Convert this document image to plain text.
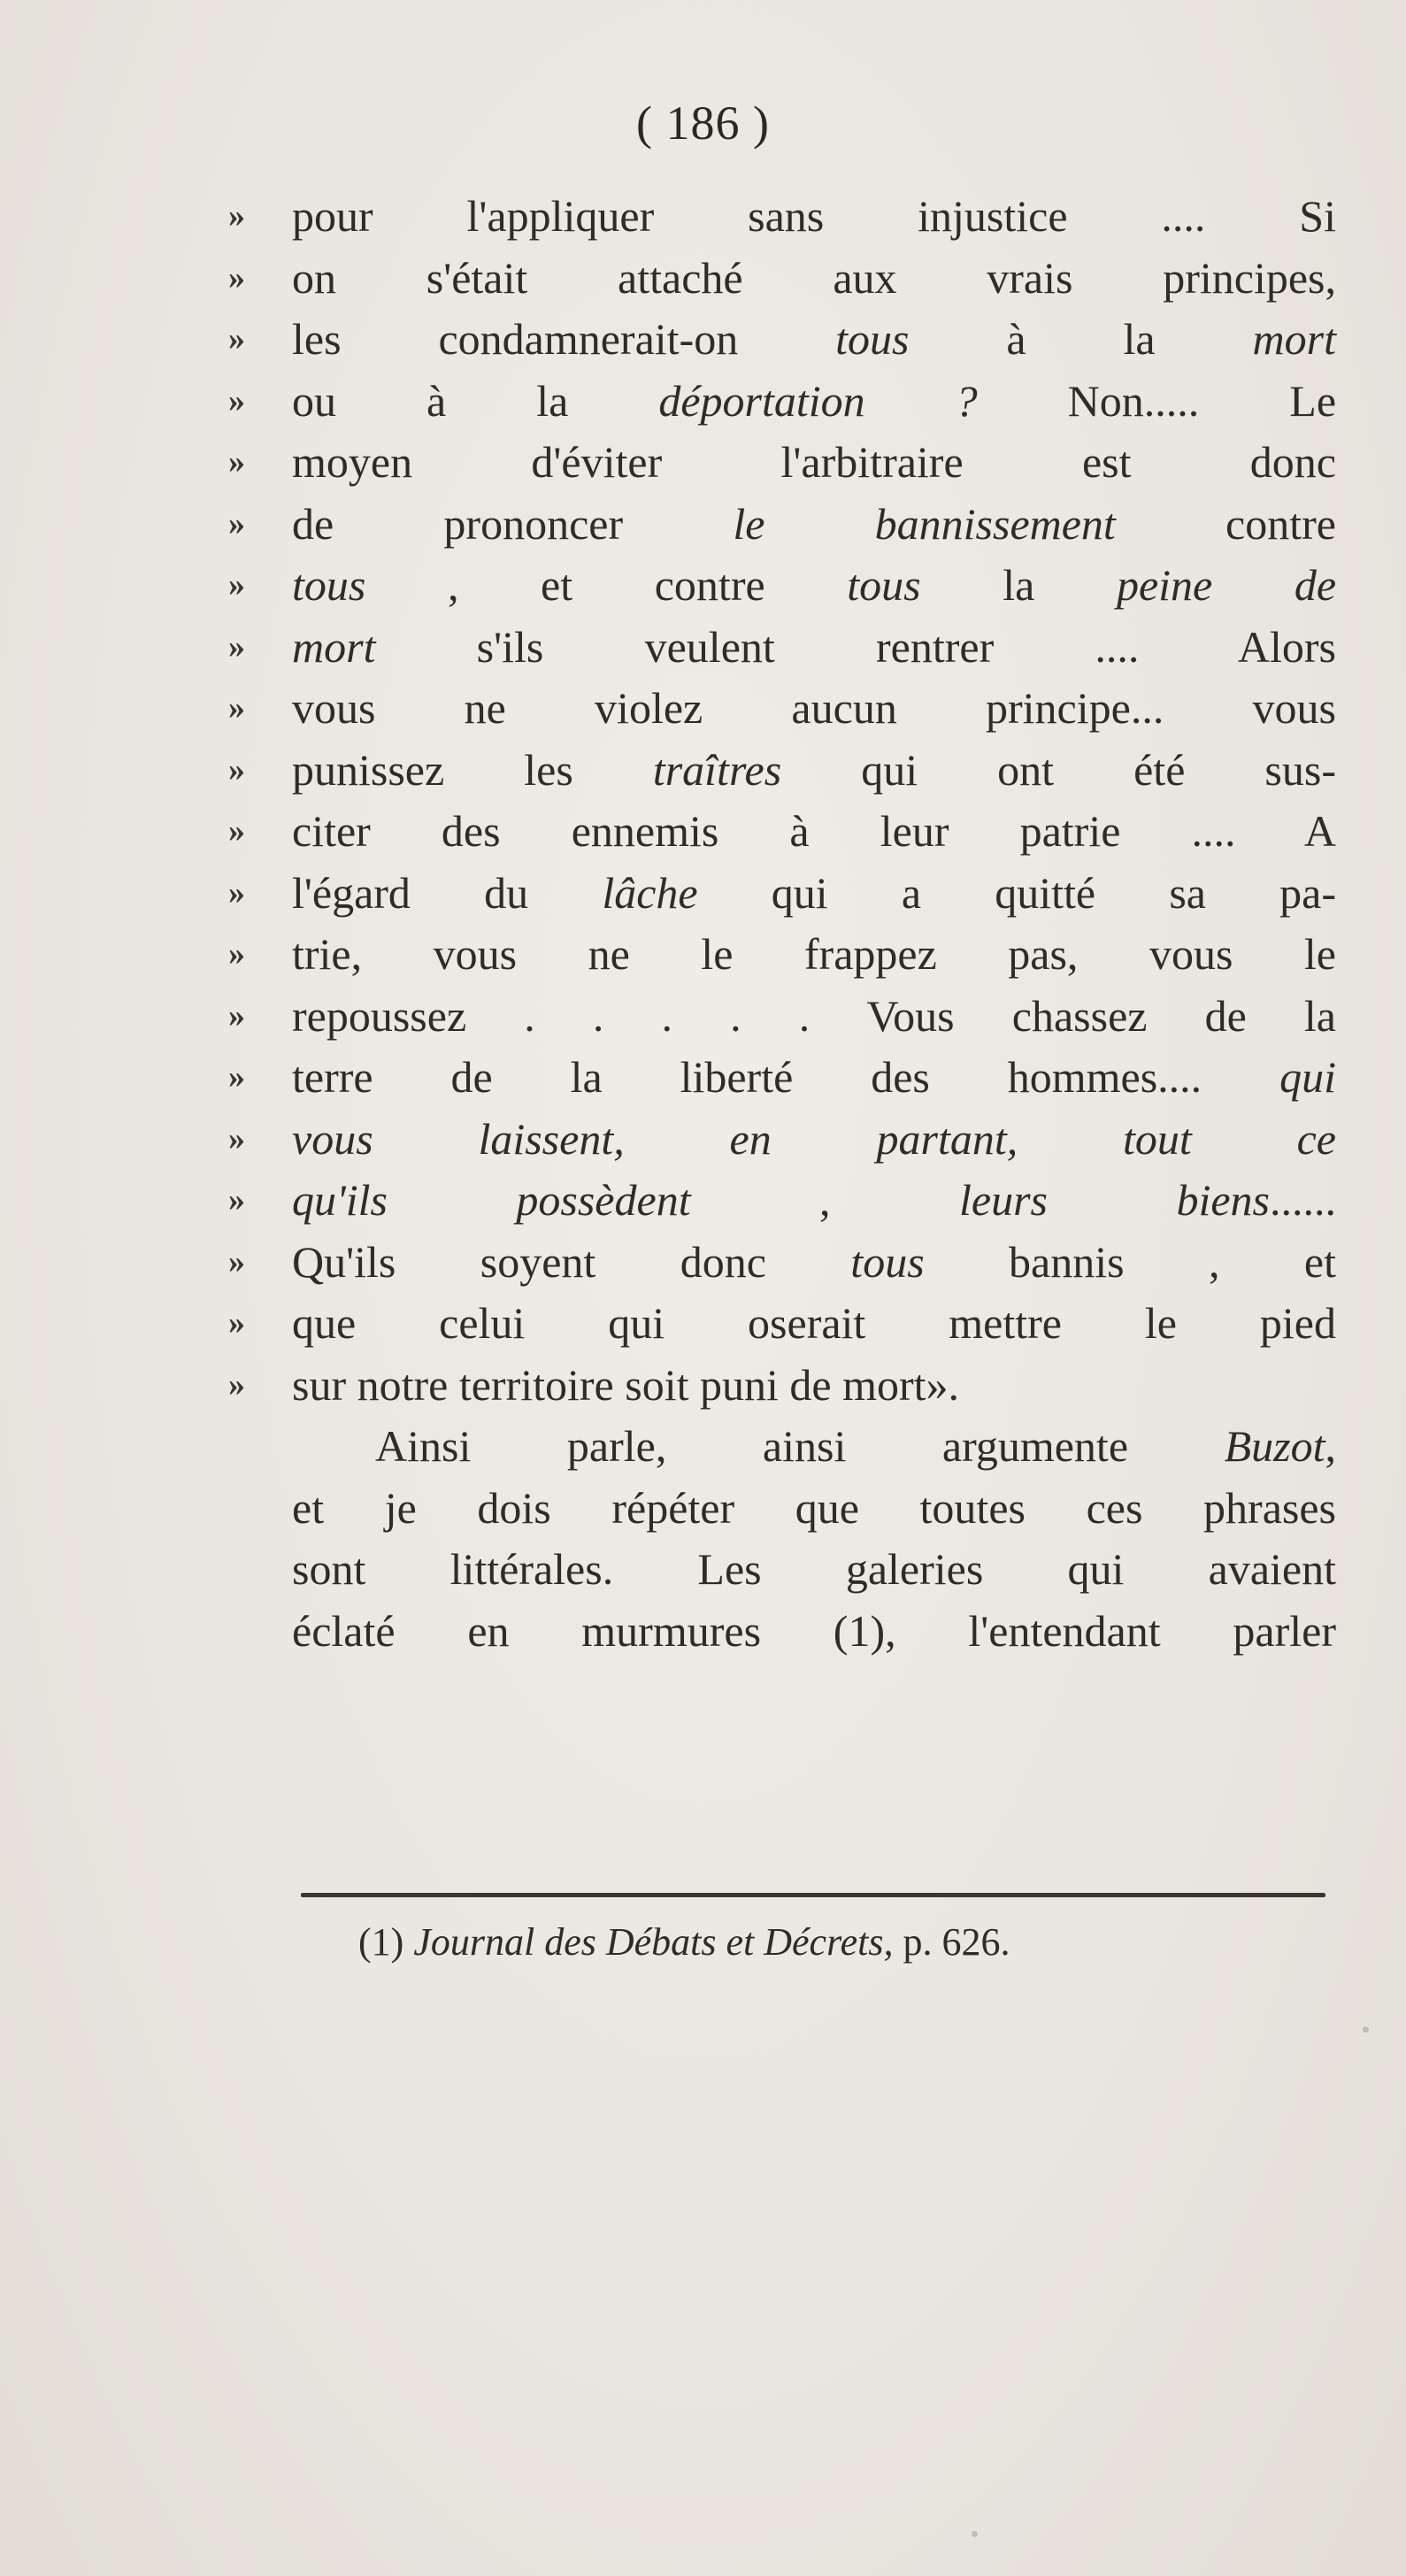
( 186 )
»	pour l'appliquer sans injustice .... Si
»	on s'était attaché aux vrais principes,
»	les condamnerait-on tous à la mort
»	ou à la déportation ? Non..... Le
»	moyen d'éviter l'arbitraire est donc
»	de prononcer le bannissement contre
»	tous , et contre tous la peine de
»	mort s'ils veulent rentrer .... Alors
»	vous ne violez aucun principe... vous
»	punissez les traîtres qui ont été sus-
»	citer des ennemis à leur patrie .... A
»	l'égard du lâche qui a quitté sa pa-
»	trie, vous ne le frappez pas, vous le
»	repoussez . . . . . Vous chassez de la
»	terre de la liberté des hommes.... qui
»	vous laissent, en partant, tout ce
»	qu'ils possèdent , leurs biens......
»	Qu'ils soyent donc tous bannis , et
»	que celui qui oserait mettre le pied
»	sur notre territoire soit puni de mort».
Ainsi parle, ainsi argumente Buzot,
et je dois répéter que toutes ces phrases
sont littérales. Les galeries qui avaient
éclaté en murmures (1), l'entendant parler
(1) Journal des Débats et Décrets, p. 626.
